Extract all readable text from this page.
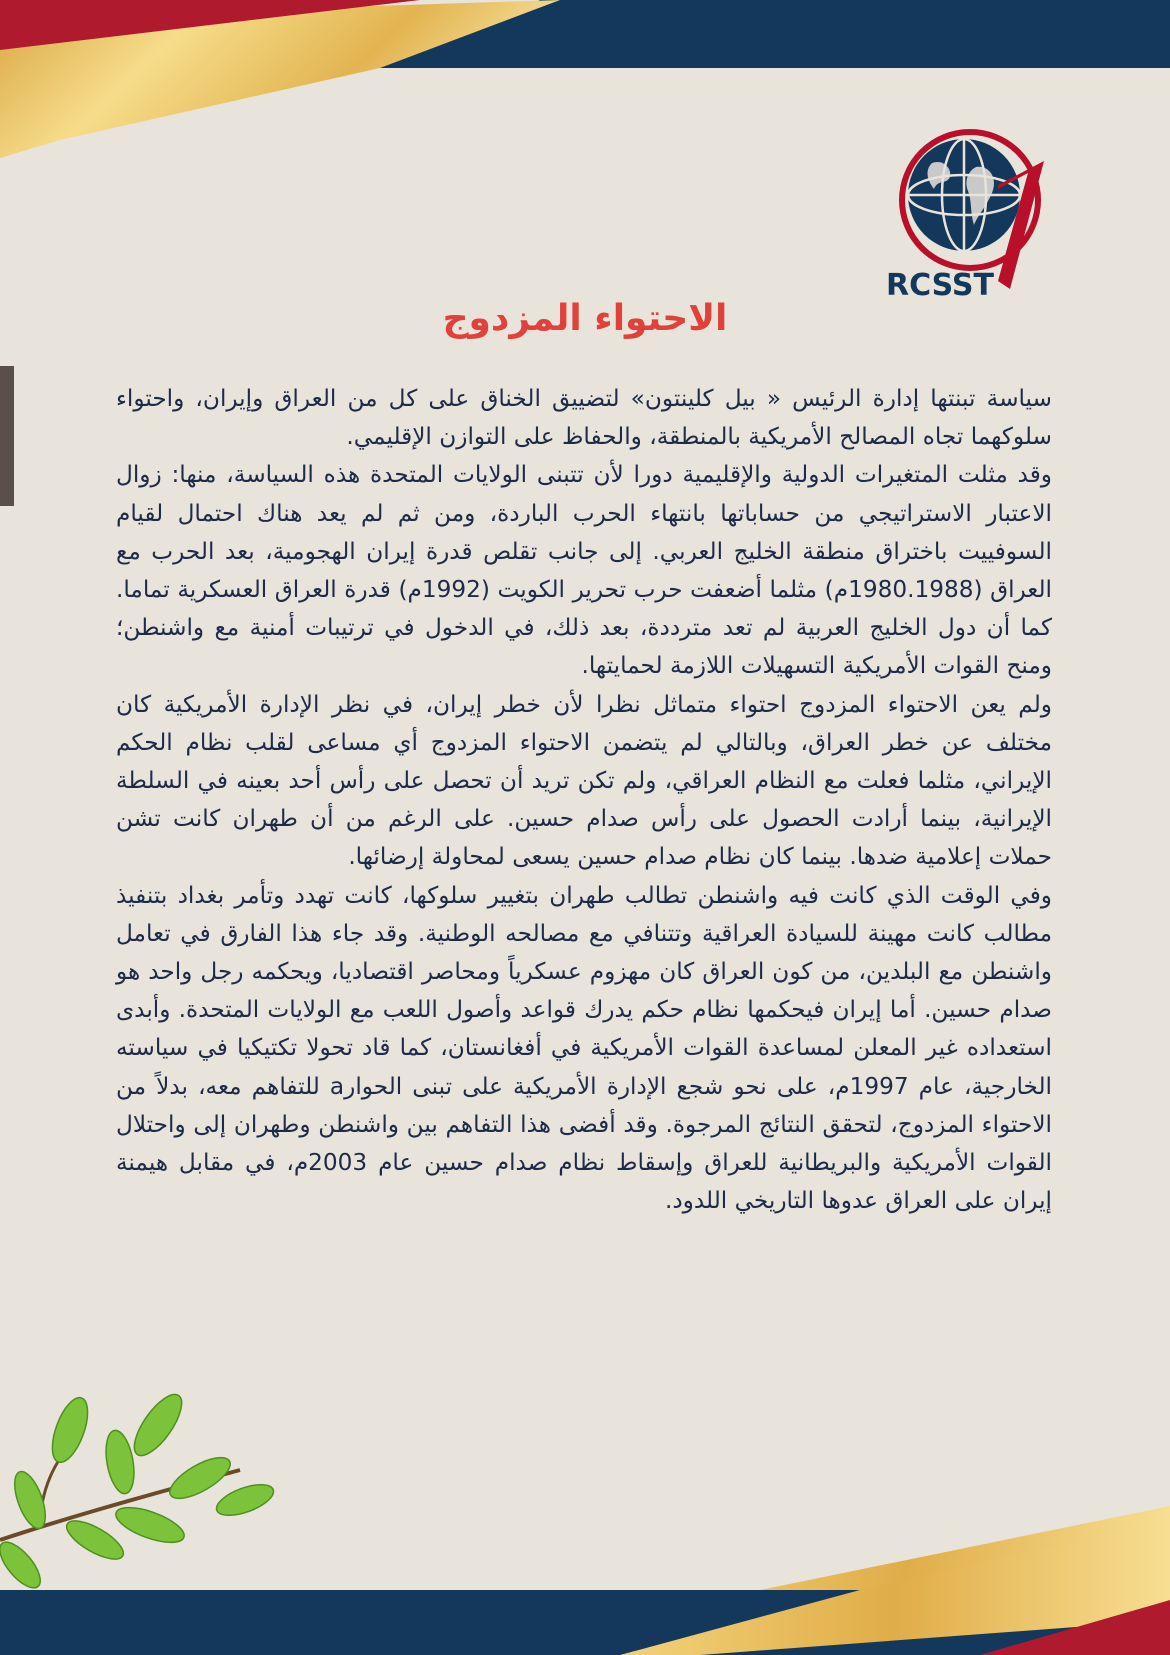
RCSST
الاحتواء المزدوج

سياسة تبنتها إدارة الرئيس « بيل كلينتون» لتضييق الخناق على كل من العراق وإيران، واحتواء سلوكهما تجاه المصالح الأمريكية بالمنطقة، والحفاظ على التوازن الإقليمي.

وقد مثلت المتغيرات الدولية والإقليمية دورا لأن تتبنى الولايات المتحدة هذه السياسة، منها: زوال الاعتبار الاستراتيجي من حساباتها بانتهاء الحرب الباردة، ومن ثم لم يعد هناك احتمال لقيام السوفييت باختراق منطقة الخليج العربي. إلى جانب تقلص قدرة إيران الهجومية، بعد الحرب مع العراق (1980.1988م) مثلما أضعفت حرب تحرير الكويت (1992م) قدرة العراق العسكرية تماما. كما أن دول الخليج العربية لم تعد مترددة، بعد ذلك، في الدخول في ترتيبات أمنية مع واشنطن؛ ومنح القوات الأمريكية التسهيلات اللازمة لحمايتها.

ولم يعن الاحتواء المزدوج احتواء متماثل نظرا لأن خطر إيران، في نظر الإدارة الأمريكية كان مختلف عن خطر العراق، وبالتالي لم يتضمن الاحتواء المزدوج أي مساعى لقلب نظام الحكم الإيراني، مثلما فعلت مع النظام العراقي، ولم تكن تريد أن تحصل على رأس أحد بعينه في السلطة الإيرانية، بينما أرادت الحصول على رأس صدام حسين. على الرغم من أن طهران كانت تشن حملات إعلامية ضدها. بينما كان نظام صدام حسين يسعى لمحاولة إرضائها.

وفي الوقت الذي كانت فيه واشنطن تطالب طهران بتغيير سلوكها، كانت تهدد وتأمر بغداد بتنفيذ مطالب كانت مهينة للسيادة العراقية وتتنافي مع مصالحه الوطنية. وقد جاء هذا الفارق في تعامل واشنطن مع البلدين، من كون العراق كان مهزوم عسكرياً ومحاصر اقتصاديا، ويحكمه رجل واحد هو صدام حسين. أما إيران فيحكمها نظام حكم يدرك قواعد وأصول اللعب مع الولايات المتحدة. وأبدى استعداده غير المعلن لمساعدة القوات الأمريكية في أفغانستان، كما قاد تحولا تكتيكيا في سياسته الخارجية، عام 1997م، على نحو شجع الإدارة الأمريكية على تبنى الحوارa للتفاهم معه، بدلاً من الاحتواء المزدوج، لتحقق النتائج المرجوة. وقد أفضى هذا التفاهم بين واشنطن وطهران إلى واحتلال القوات الأمريكية والبريطانية للعراق وإسقاط نظام صدام حسين عام 2003م، في مقابل هيمنة إيران على العراق عدوها التاريخي اللدود.
